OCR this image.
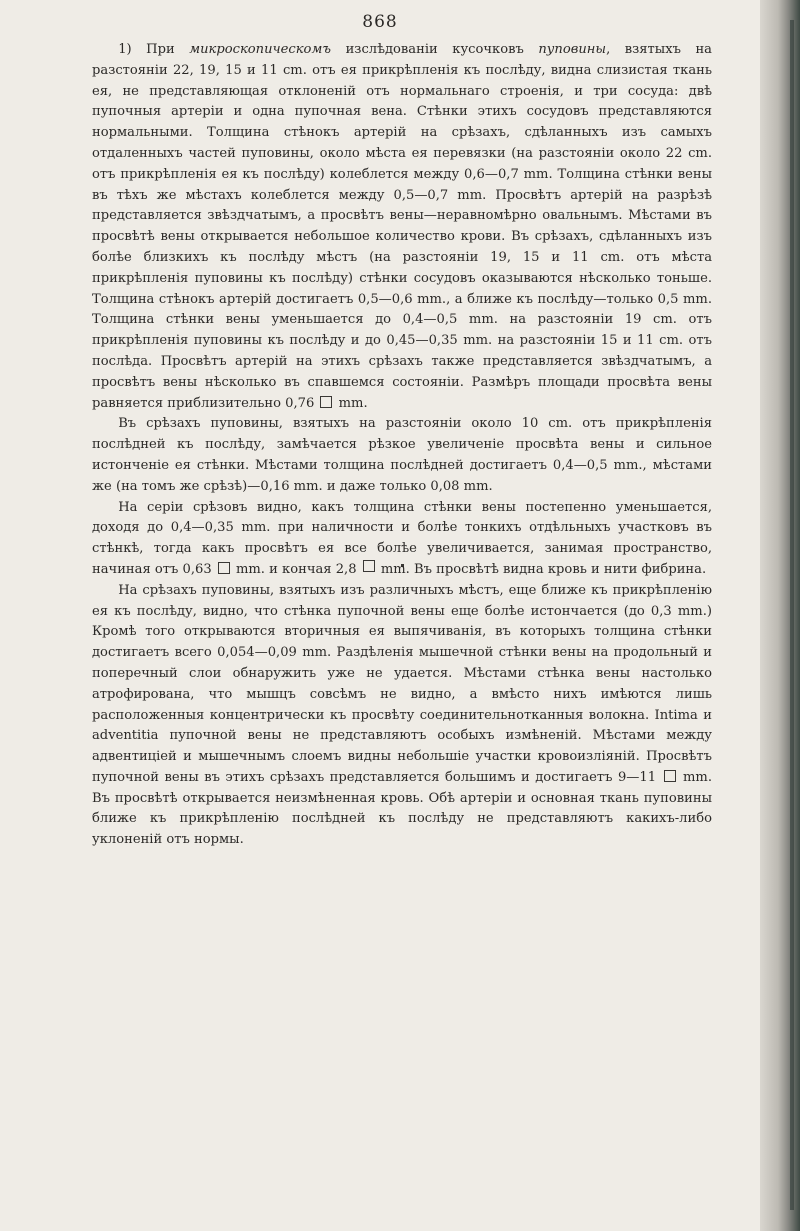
868

1) При микроскопическомъ изслѣдованіи кусочковъ пуповины, взятыхъ на разстояніи 22, 19, 15 и 11 cm. отъ ея прикрѣпленія къ послѣду, видна слизистая ткань ея, не представляющая отклоненій отъ нормальнаго строенія, и три сосуда: двѣ пупочныя артеріи и одна пупочная вена. Стѣнки этихъ сосудовъ представляются нормальными. Толщина стѣнокъ артерій на срѣзахъ, сдѣланныхъ изъ самыхъ отдаленныхъ частей пуповины, около мѣста ея перевязки (на разстояніи около 22 cm. отъ прикрѣпленія ея къ послѣду) колеблется между 0,6—0,7 mm. Толщина стѣнки вены въ тѣхъ же мѣстахъ колеблется между 0,5—0,7 mm. Просвѣтъ артерій на разрѣзѣ представляется звѣздчатымъ, а просвѣтъ вены—неравномѣрно овальнымъ. Мѣстами въ просвѣтѣ вены открывается небольшое количество крови. Въ срѣзахъ, сдѣланныхъ изъ болѣе близкихъ къ послѣду мѣстъ (на разстояніи 19, 15 и 11 cm. отъ мѣста прикрѣпленія пуповины къ послѣду) стѣнки сосудовъ оказываются нѣсколько тоньше. Толщина стѣнокъ артерій достигаетъ 0,5—0,6 mm., а ближе къ послѣду—только 0,5 mm. Толщина стѣнки вены уменьшается до 0,4—0,5 mm. на разстояніи 19 cm. отъ прикрѣпленія пуповины къ послѣду и до 0,45—0,35 mm. на разстояніи 15 и 11 cm. отъ послѣда. Просвѣтъ артерій на этихъ срѣзахъ также представляется звѣздчатымъ, а просвѣтъ вены нѣсколько въ спавшемся состояніи. Размѣръ площади просвѣта вены равняется приблизительно 0,76  mm.

Въ срѣзахъ пуповины, взятыхъ на разстояніи около 10 cm. отъ прикрѣпленія послѣдней къ послѣду, замѣчается рѣзкое увеличеніе просвѣта вены и сильное истонченіе ея стѣнки. Мѣстами толщина послѣдней достигаетъ 0,4—0,5 mm., мѣстами же (на томъ же срѣзѣ)—0,16 mm. и даже только 0,08 mm.

На серіи срѣзовъ видно, какъ толщина стѣнки вены постепенно уменьшается, доходя до 0,4—0,35 mm. при наличности и болѣе тонкихъ отдѣльныхъ участковъ въ стѣнкѣ, тогда какъ просвѣтъ ея все болѣе увеличивается, занимая пространство, начиная отъ 0,63  mm. и кончая 2,8  mm. Въ просвѣтѣ видна кровь и нити фибрина.

На срѣзахъ пуповины, взятыхъ изъ различныхъ мѣстъ, еще ближе къ прикрѣпленію ея къ послѣду, видно, что стѣнка пупочной вены еще болѣе истончается (до 0,3 mm.) Кромѣ того открываются вторичныя ея выпячиванія, въ которыхъ толщина стѣнки достигаетъ всего 0,054—0,09 mm. Раздѣленія мышечной стѣнки вены на продольный и поперечный слои обнаружить уже не удается. Мѣстами стѣнка вены настолько атрофирована, что мышцъ совсѣмъ не видно, а вмѣсто нихъ имѣются лишь расположенныя концентрически къ просвѣту соединительнотканныя волокна. Intima и adventitia пупочной вены не представляютъ особыхъ измѣненій. Мѣстами между адвентиціей и мышечнымъ слоемъ видны небольшіе участки кровоизліяній. Просвѣтъ пупочной вены въ этихъ срѣзахъ представляется большимъ и достигаетъ 9—11  mm. Въ просвѣтѣ открывается неизмѣненная кровь. Обѣ артеріи и основная ткань пуповины ближе къ прикрѣпленію послѣдней къ послѣду не представляютъ какихъ-либо уклоненій отъ нормы.
